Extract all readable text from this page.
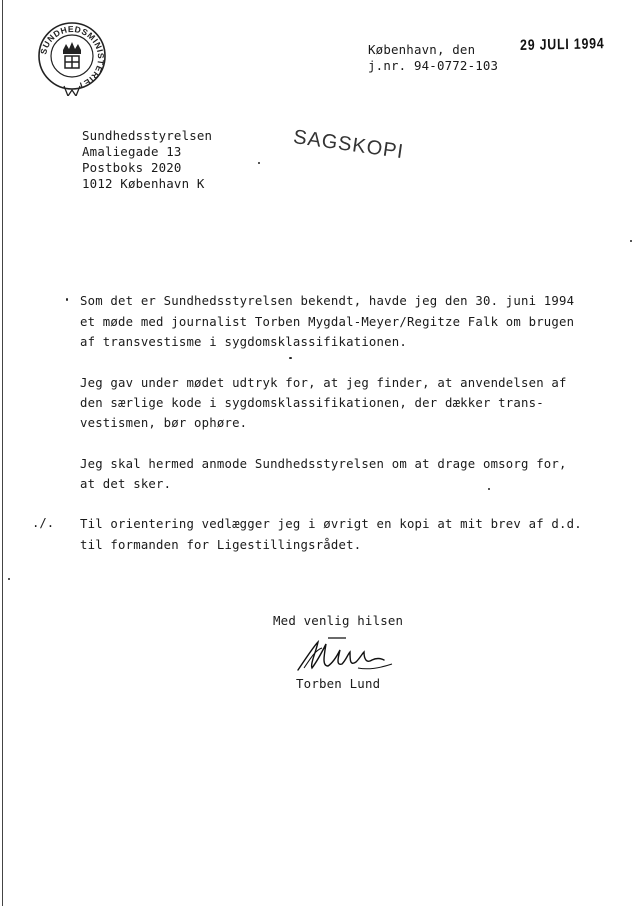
SUNDHEDSMINISTERIET
København, den	29 JULI 1994
j.nr. 94-0772-103
Sundhedsstyrelsen
Amaliegade 13
Postboks 2020
1012 København K
SAGSKOPI
Som det er Sundhedsstyrelsen bekendt, havde jeg den 30. juni 1994
et møde med journalist Torben Mygdal-Meyer/Regitze Falk om brugen
af transvestisme i sygdomsklassifikationen.
Jeg gav under mødet udtryk for, at jeg finder, at anvendelsen af
den særlige kode i sygdomsklassifikationen, der dækker trans-
vestismen, bør ophøre.
Jeg skal hermed anmode Sundhedsstyrelsen om at drage omsorg for,
at det sker.
./. Til orientering vedlægger jeg i øvrigt en kopi at mit brev af d.d.
til formanden for Ligestillingsrådet.
Med venlig hilsen
Torben Lund
